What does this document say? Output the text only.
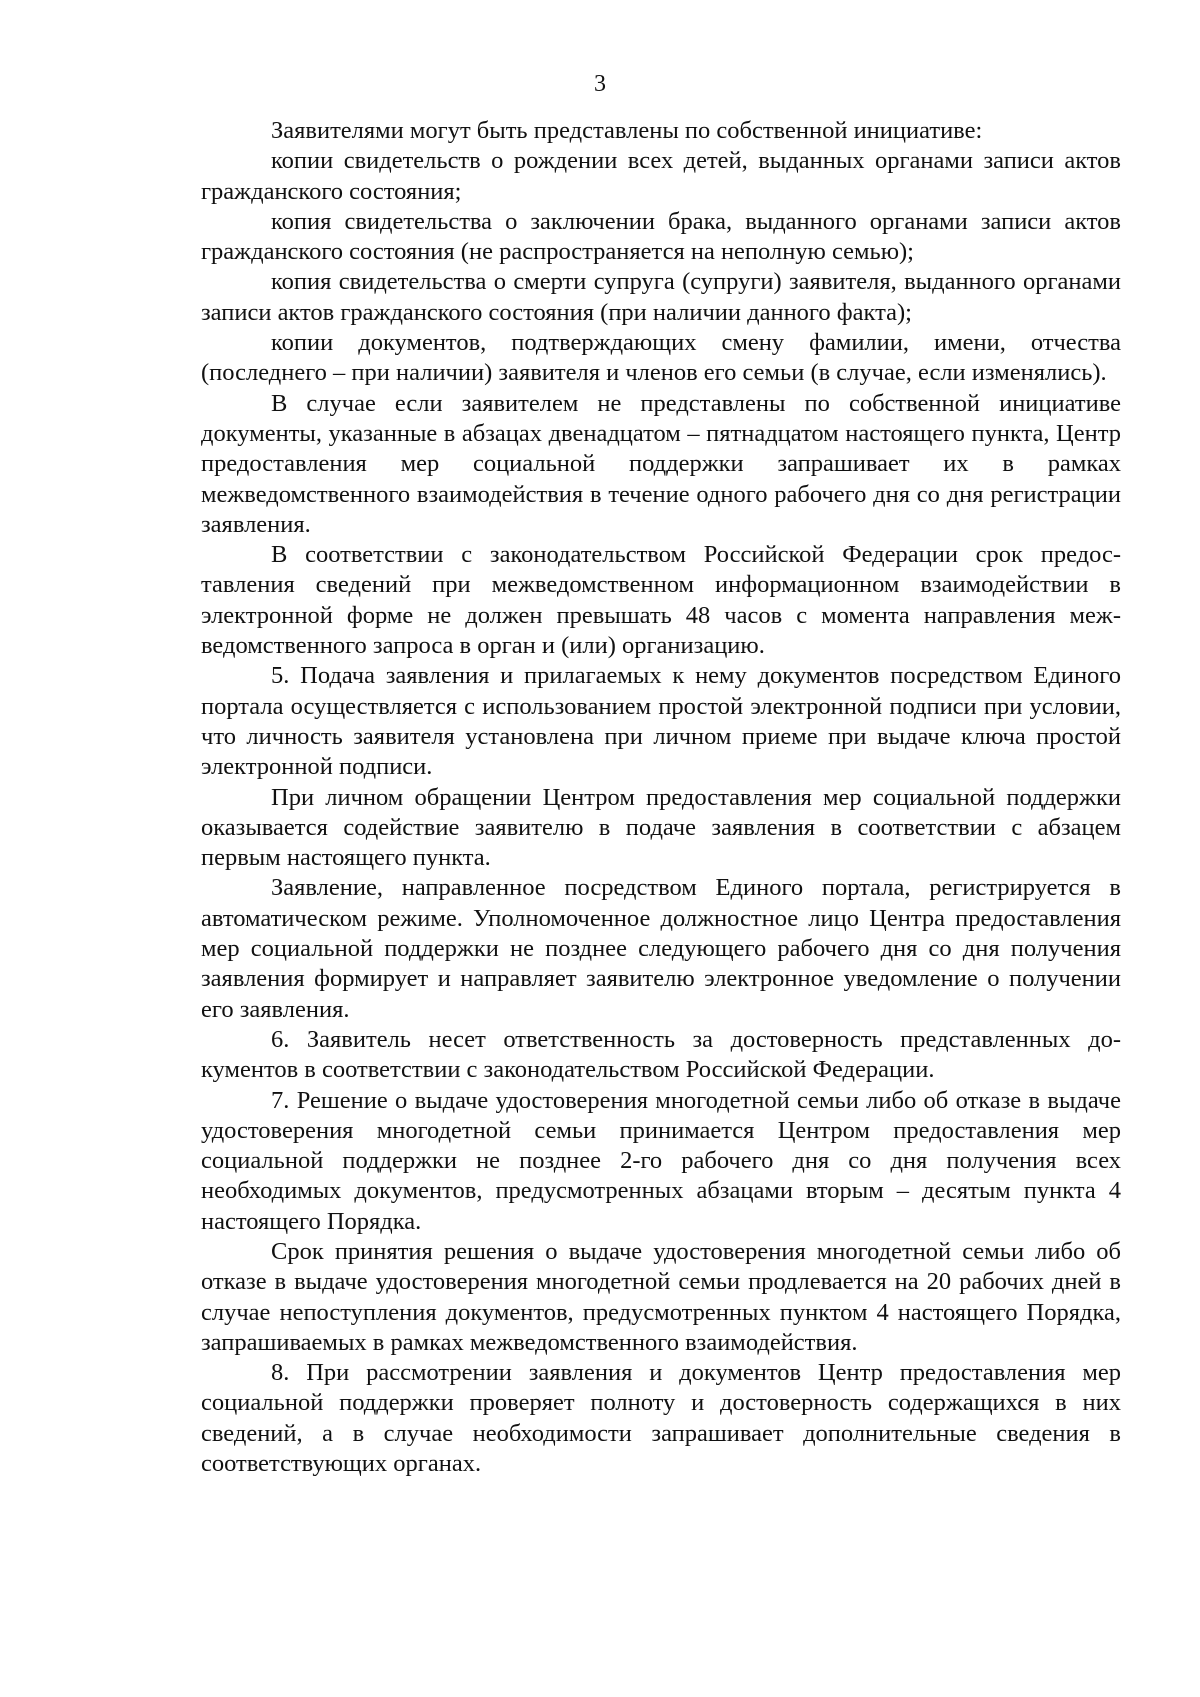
3

Заявителями могут быть представлены по собственной инициативе:

копии свидетельств о рождении всех детей, выданных органами записи актов гражданского состояния;

копия свидетельства о заключении брака, выданного органами записи актов гражданского состояния (не распространяется на неполную семью);

копия свидетельства о смерти супруга (супруги) заявителя, выданного органами записи актов гражданского состояния (при наличии данного факта);

копии документов, подтверждающих смену фамилии, имени, отчества (последнего – при наличии) заявителя и членов его семьи (в случае, если изменялись).

В случае если заявителем не представлены по собственной инициативе документы, указанные в абзацах двенадцатом – пятнадцатом настоящего пункта, Центр предоставления мер социальной поддержки запрашивает их в рамках межведомственного взаимодействия в течение одного рабочего дня со дня регистрации заявления.

В соответствии с законодательством Российской Федерации срок предоставления сведений при межведомственном информационном взаимодействии в электронной форме не должен превышать 48 часов с момента направления межведомственного запроса в орган и (или) организацию.

5. Подача заявления и прилагаемых к нему документов посредством Единого портала осуществляется с использованием простой электронной подписи при условии, что личность заявителя установлена при личном приеме при выдаче ключа простой электронной подписи.

При личном обращении Центром предоставления мер социальной поддержки оказывается содействие заявителю в подаче заявления в соответствии с абзацем первым настоящего пункта.

Заявление, направленное посредством Единого портала, регистрируется в автоматическом режиме. Уполномоченное должностное лицо Центра предоставления мер социальной поддержки не позднее следующего рабочего дня со дня получения заявления формирует и направляет заявителю электронное уведомление о получении его заявления.

6. Заявитель несет ответственность за достоверность представленных документов в соответствии с законодательством Российской Федерации.

7. Решение о выдаче удостоверения многодетной семьи либо об отказе в выдаче удостоверения многодетной семьи принимается Центром предоставления мер социальной поддержки не позднее 2-го рабочего дня со дня получения всех необходимых документов, предусмотренных абзацами вторым – десятым пункта 4 настоящего Порядка.

Срок принятия решения о выдаче удостоверения многодетной семьи либо об отказе в выдаче удостоверения многодетной семьи продлевается на 20 рабочих дней в случае непоступления документов, предусмотренных пунктом 4 настоящего Порядка, запрашиваемых в рамках межведомственного взаимодействия.

8. При рассмотрении заявления и документов Центр предоставления мер социальной поддержки проверяет полноту и достоверность содержащихся в них сведений, а в случае необходимости запрашивает дополнительные сведения в соответствующих органах.
